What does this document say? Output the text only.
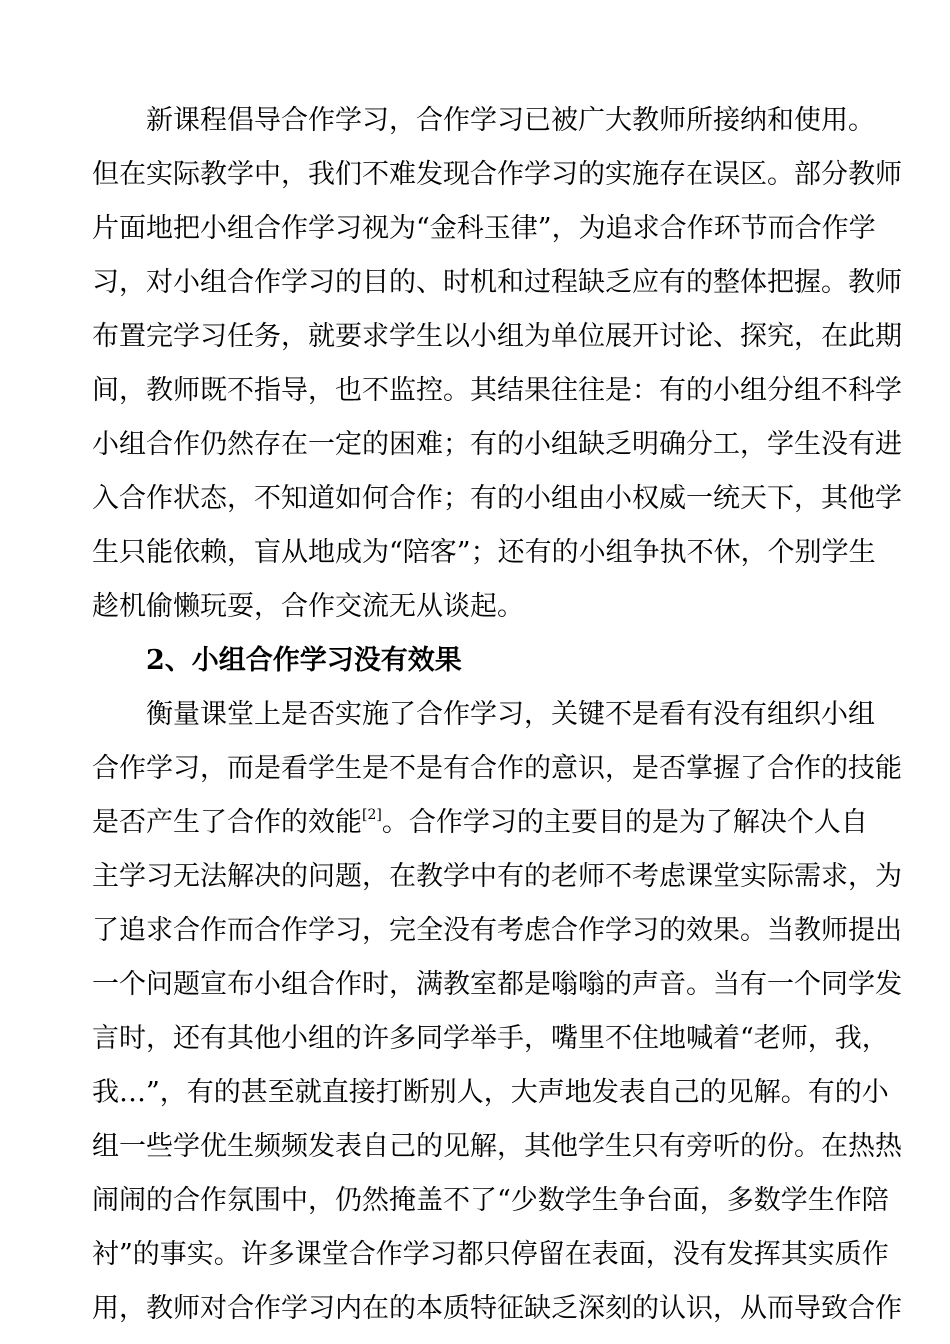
新课程倡导合作学习，合作学习已被广大教师所接纳和使用。
但在实际教学中，我们不难发现合作学习的实施存在误区。部分教师
片面地把小组合作学习视为“金科玉律”，为追求合作环节而合作学
习，对小组合作学习的目的、时机和过程缺乏应有的整体把握。教师
布置完学习任务，就要求学生以小组为单位展开讨论、探究，在此期
间，教师既不指导，也不监控。其结果往往是：有的小组分组不科学
小组合作仍然存在一定的困难；有的小组缺乏明确分工，学生没有进
入合作状态，不知道如何合作；有的小组由小权威一统天下，其他学
生只能依赖，盲从地成为“陪客”；还有的小组争执不休，个别学生
趁机偷懒玩耍，合作交流无从谈起。
2、小组合作学习没有效果
衡量课堂上是否实施了合作学习，关键不是看有没有组织小组
合作学习，而是看学生是不是有合作的意识，是否掌握了合作的技能
是否产生了合作的效能[2]。合作学习的主要目的是为了解决个人自
主学习无法解决的问题，在教学中有的老师不考虑课堂实际需求，为
了追求合作而合作学习，完全没有考虑合作学习的效果。当教师提出
一个问题宣布小组合作时，满教室都是嗡嗡的声音。当有一个同学发
言时，还有其他小组的许多同学举手，嘴里不住地喊着“老师，我，
我…”，有的甚至就直接打断别人，大声地发表自己的见解。有的小
组一些学优生频频发表自己的见解，其他学生只有旁听的份。在热热
闹闹的合作氛围中，仍然掩盖不了“少数学生争台面，多数学生作陪
衬”的事实。许多课堂合作学习都只停留在表面，没有发挥其实质作
用，教师对合作学习内在的本质特征缺乏深刻的认识，从而导致合作
